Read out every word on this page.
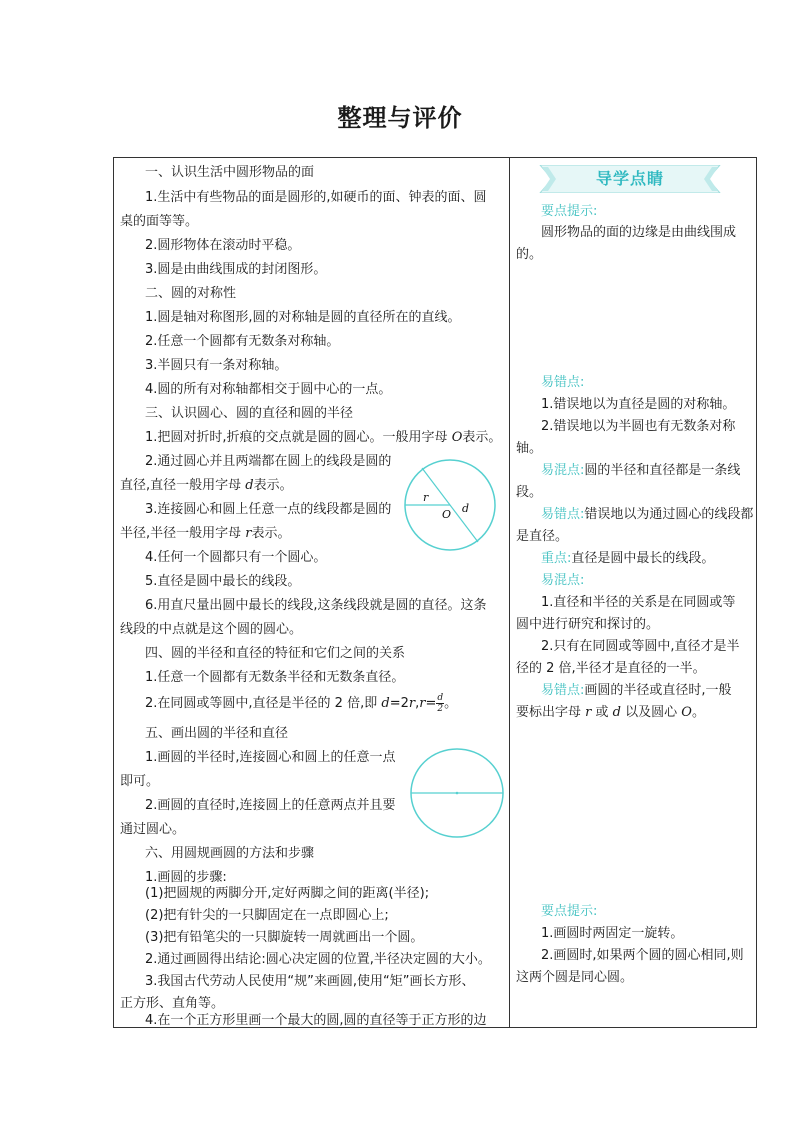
整理与评价
一、认识生活中圆形物品的面
1.生活中有些物品的面是圆形的,如硬币的面、钟表的面、圆
桌的面等等。
2.圆形物体在滚动时平稳。
3.圆是由曲线围成的封闭图形。
二、圆的对称性
1.圆是轴对称图形,圆的对称轴是圆的直径所在的直线。
2.任意一个圆都有无数条对称轴。
3.半圆只有一条对称轴。
4.圆的所有对称轴都相交于圆中心的一点。
三、认识圆心、圆的直径和圆的半径
1.把圆对折时,折痕的交点就是圆的圆心。一般用字母 O表示。
2.通过圆心并且两端都在圆上的线段是圆的
直径,直径一般用字母 d表示。
3.连接圆心和圆上任意一点的线段都是圆的
半径,半径一般用字母 r表示。
4.任何一个圆都只有一个圆心。
5.直径是圆中最长的线段。
6.用直尺量出圆中最长的线段,这条线段就是圆的直径。这条
线段的中点就是这个圆的圆心。
四、圆的半径和直径的特征和它们之间的关系
1.任意一个圆都有无数条半径和无数条直径。
2.在同圆或等圆中,直径是半径的 2 倍,即 $d=2r,r= \frac{d}{2}$ 。
五、画出圆的半径和直径
1.画圆的半径时,连接圆心和圆上的任意一点
即可。
2.画圆的直径时,连接圆上的任意两点并且要
通过圆心。
六、用圆规画圆的方法和步骤
1.画圆的步骤:
(1)把圆规的两脚分开,定好两脚之间的距离(半径);
(2)把有针尖的一只脚固定在一点即圆心上;
(3)把有铅笔尖的一只脚旋转一周就画出一个圆。
2.通过画圆得出结论:圆心决定圆的位置,半径决定圆的大小。
3.我国古代劳动人民使用“规”来画圆,使用“矩”画长方形、
正方形、直角等。
4.在一个正方形里画一个最大的圆,圆的直径等于正方形的边
r
O d
导学点睛
要点提示:
圆形物品的面的边缘是由曲线围成
的。
易错点:
1.错误地以为直径是圆的对称轴。
2.错误地以为半圆也有无数条对称
轴。
易混点:圆的半径和直径都是一条线
段。
易错点:错误地以为通过圆心的线段都
是直径。
重点:直径是圆中最长的线段。
易混点:
1.直径和半径的关系是在同圆或等
圆中进行研究和探讨的。
2.只有在同圆或等圆中,直径才是半
径的 2 倍,半径才是直径的一半。
易错点:画圆的半径或直径时,一般
要标出字母 r 或 d 以及圆心 O。
要点提示:
1.画圆时两固定一旋转。
2.画圆时,如果两个圆的圆心相同,则
这两个圆是同心圆。
